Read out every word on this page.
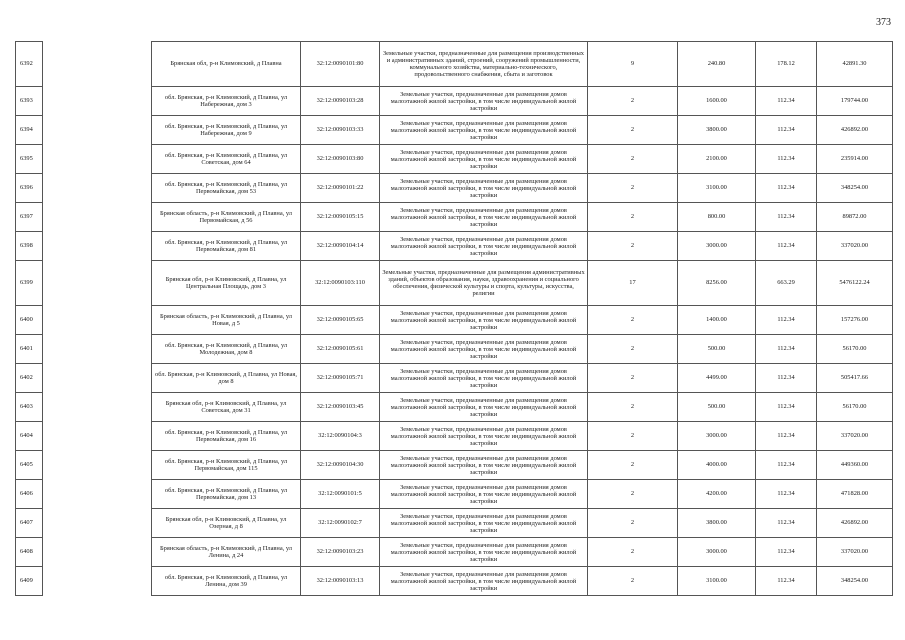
373
6392		Брянская обл, р-н Климовский, д Плавна	32:12:0090101:80	Земельные участки, предназначенные для размещения производственных и административных зданий, строений, сооружений промышленности, коммунального хозяйства, материально-технического, продовольственного снабжения, сбыта и заготовок	9	240.80	178.12	42891.30
6393		обл. Брянская, р-н Климовский, д Плавна, ул Набережная, дом 3	32:12:0090103:28	Земельные участки, предназначенные для размещения домов малоэтажной жилой застройки, в том числе индивидуальной жилой застройки	2	1600.00	112.34	179744.00
6394		обл. Брянская, р-н Климовский, д Плавна, ул Набережная, дом 9	32:12:0090103:33	Земельные участки, предназначенные для размещения домов малоэтажной жилой застройки, в том числе индивидуальной жилой застройки	2	3800.00	112.34	426892.00
6395		обл. Брянская, р-н Климовский, д Плавна, ул Советская, дом 64	32:12:0090103:80	Земельные участки, предназначенные для размещения домов малоэтажной жилой застройки, в том числе индивидуальной жилой застройки	2	2100.00	112.34	235914.00
6396		обл. Брянская, р-н Климовский, д Плавна, ул Первомайская, дом 53	32:12:0090101:22	Земельные участки, предназначенные для размещения домов малоэтажной жилой застройки, в том числе индивидуальной жилой застройки	2	3100.00	112.34	348254.00
6397		Брянская область, р-н Климовский, д Плавна, ул Первомайская, д 56	32:12:0090105:15	Земельные участки, предназначенные для размещения домов малоэтажной жилой застройки, в том числе индивидуальной жилой застройки	2	800.00	112.34	89872.00
6398		обл. Брянская, р-н Климовский, д Плавна, ул Первомайская, дом 81	32:12:0090104:14	Земельные участки, предназначенные для размещения домов малоэтажной жилой застройки, в том числе индивидуальной жилой застройки	2	3000.00	112.34	337020.00
6399		Брянская обл, р-н Климовский, д Плавна, ул Центральная Площадь, дом 3	32:12:0090103:110	Земельные участки, предназначенные для размещения административных зданий, объектов образования, науки, здравоохранения и социального обеспечения, физической культуры и спорта, культуры, искусства, религии	17	8256.00	663.29	5476122.24
6400		Брянская область, р-н Климовский, д Плавна, ул Новая, д 5	32:12:0090105:65	Земельные участки, предназначенные для размещения домов малоэтажной жилой застройки, в том числе индивидуальной жилой застройки	2	1400.00	112.34	157276.00
6401		обл. Брянская, р-н Климовский, д Плавна, ул Молодежная, дом 8	32:12:0090105:61	Земельные участки, предназначенные для размещения домов малоэтажной жилой застройки, в том числе индивидуальной жилой застройки	2	500.00	112.34	56170.00
6402		обл. Брянская, р-н Климовский, д Плавна, ул Новая, дом 8	32:12:0090105:71	Земельные участки, предназначенные для размещения домов малоэтажной жилой застройки, в том числе индивидуальной жилой застройки	2	4499.00	112.34	505417.66
6403		Брянская обл, р-н Климовский, д Плавна, ул Советская, дом 31	32:12:0090103:45	Земельные участки, предназначенные для размещения домов малоэтажной жилой застройки, в том числе индивидуальной жилой застройки	2	500.00	112.34	56170.00
6404		обл. Брянская, р-н Климовский, д Плавна, ул Первомайская, дом 16	32:12:0090104:3	Земельные участки, предназначенные для размещения домов малоэтажной жилой застройки, в том числе индивидуальной жилой застройки	2	3000.00	112.34	337020.00
6405		обл. Брянская, р-н Климовский, д Плавна, ул Первомайская, дом 115	32:12:0090104:30	Земельные участки, предназначенные для размещения домов малоэтажной жилой застройки, в том числе индивидуальной жилой застройки	2	4000.00	112.34	449360.00
6406		обл. Брянская, р-н Климовский, д Плавна, ул Первомайская, дом 13	32:12:0090101:5	Земельные участки, предназначенные для размещения домов малоэтажной жилой застройки, в том числе индивидуальной жилой застройки	2	4200.00	112.34	471828.00
6407		Брянская обл, р-н Климовский, д Плавна, ул Озерная, д 8	32:12:0090102:7	Земельные участки, предназначенные для размещения домов малоэтажной жилой застройки, в том числе индивидуальной жилой застройки	2	3800.00	112.34	426892.00
6408		Брянская область, р-н Климовский, д Плавна, ул Ленина, д 24	32:12:0090103:23	Земельные участки, предназначенные для размещения домов малоэтажной жилой застройки, в том числе индивидуальной жилой застройки	2	3000.00	112.34	337020.00
6409		обл. Брянская, р-н Климовский, д Плавна, ул Ленина, дом 39	32:12:0090103:13	Земельные участки, предназначенные для размещения домов малоэтажной жилой застройки, в том числе индивидуальной жилой застройки	2	3100.00	112.34	348254.00
